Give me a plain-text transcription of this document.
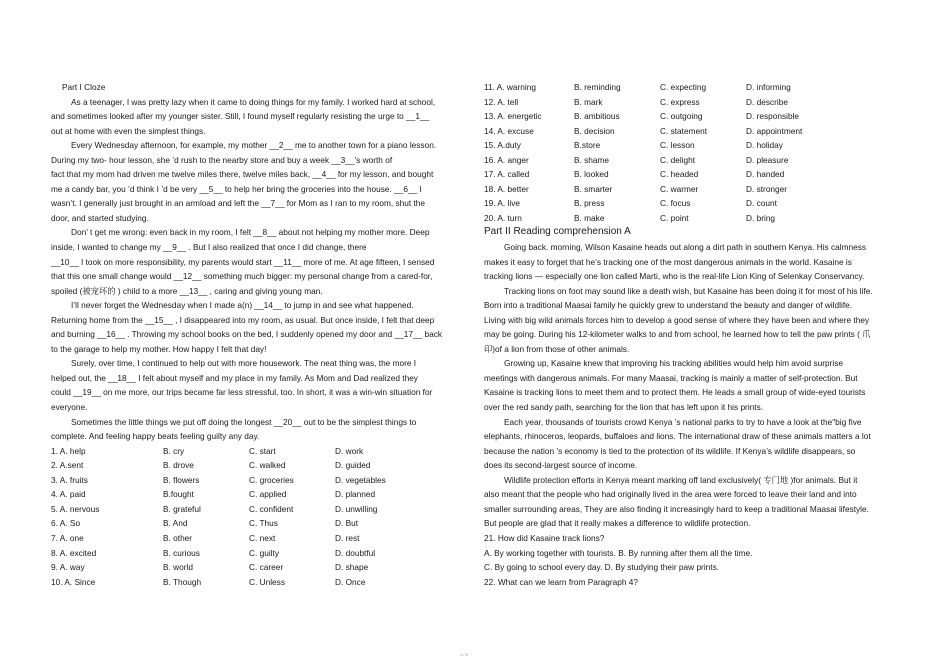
Part I Cloze
As a teenager, I was pretty lazy when it came to doing things for my family. I worked hard at school,
and sometimes looked after my younger sister. Still, I found myself regularly resisting the urge to __1__
out at home with even the simplest things.
Every Wednesday afternoon, for example, my mother __2__ me to another town for a piano lesson.
During my two- hour lesson, she ’d rush to the nearby store and buy a week __3__’s worth of
fact that my mom had driven me twelve miles there, twelve miles back, __4__ for my lesson, and bought
me a candy bar, you ’d think I ’d be very __5__ to help her bring the groceries into the house. __6__ I
wasn’t. I generally just brought in an armload and left the __7__ for Mom as I ran to my room, shut the
door, and started studying.
Don’ t get me wrong: even back in my room, I felt __8__ about not helping my mother more. Deep
inside, I wanted to change my __9__ . But I also realized that once I did change, there
__10__ I took on more responsibility, my parents would start __11__ more of me. At age fifteen, I sensed
that this one small change would __12__ something much bigger: my personal change from a cared-for,
spoiled (被宠坏的 ) child to a more __13__ , caring and giving young man.
I’ll never forget the Wednesday when I made a(n) __14__ to jump in and see what happened.
Returning home from the __15__ , I disappeared into my room, as usual. But once inside, I felt that deep
and burning __16__ . Throwing my school books on the bed, I suddenly opened my door and __17__ back
to the garage to help my mother. How happy I felt that day!
Surely, over time, I continued to help out with more housework. The neat thing was, the more I
helped out, the __18__ I felt about myself and my place in my family. As Mom and Dad realized they
could __19__ on me more, our trips became far less stressful, too. In short, it was a win-win situation for
everyone.
Sometimes the little things we put off doing the longest __20__ out to be the simplest things to
complete. And feeling happy beats feeling guilty any day.
1. A. help	B. cry	C. start	D. work
2. A.sent	B. drove	C. walked	D. guided
3. A. fruits	B. flowers	C. groceries	D. vegetables
4. A. paid	B.fought	C. applied	D. planned
5. A. nervous	B. grateful	C. confident	D. unwilling
6. A. So	B. And	C. Thus	D. But
7. A. one	B. other	C. next	D. rest
8. A. excited	B. curious	C. guilty	D. doubtful
9. A. way	B. world	C. career	D. shape
10. A. Since	B. Though	C. Unless	D. Once
11. A. warning	B. reminding	C. expecting	D. informing
12. A. tell	B. mark	C. express	D. describe
13. A. energetic	B. ambitious	C. outgoing	D. responsible
14. A. excuse	B. decision	C. statement	D. appointment
15. A.duty	B.store	C. lesson	D. holiday
16. A. anger	B. shame	C. delight	D. pleasure
17. A. called	B. looked	C. headed	D. handed
18. A. better	B. smarter	C. warmer	D. stronger
19. A. live	B. press	C. focus	D. count
20. A. turn	B. make	C. point	D. bring
Part II Reading comprehension A
Going back. morning, Wilson Kasaine heads out along a dirt path in southern Kenya. His calmness
makes it easy to forget that he’s tracking one of the most dangerous animals in the world. Kasaine is
tracking lions — especially one lion called Marti, who is the real-life Lion King of Selenkay Conservancy.
Tracking lions on foot may sound like a death wish, but Kasaine has been doing it for most of his life.
Born into a traditional Maasai family he quickly grew to understand the beauty and danger of wildlife.
Living with big wild animals forces him to develop a good sense of where they have been and where they
may be going. During his 12-kilometer walks to and from school, he learned how to tell the paw prints ( 爪
印)of a lion from those of other animals.
Growing up, Kasaine knew that improving his tracking abilities would help him avoid surprise
meetings with dangerous animals. For many Maasai, tracking is mainly a matter of self-protection. But
Kasaine is tracking lions to meet them and to protect them. He leads a small group of wide-eyed tourists
over the red sandy path, searching for the lion that has left upon it his prints.
Each year, thousands of tourists crowd Kenya ’s national parks to try to have a look at the"big five
elephants, rhinoceros, leopards, buffaloes and lions. The international draw of these animals matters a lot
because the nation ’s economy is tied to the protection of its wildlife. If Kenya’s wildlife disappears, so
does its second-largest source of income.
Wildlife protection efforts in Kenya meant marking off land exclusively( 专门地 )for animals. But it
also meant that the people who had originally lived in the area were forced to leave their land and into
smaller surrounding areas, They are also finding it increasingly hard to keep a traditional Maasai lifestyle.
But people are glad that it really makes a difference to wildlife protection.
21. How did Kasaine track lions?
A. By working together with tourists. B. By running after them all the time.
C. By going to school every day. D. By studying their paw prints.
22. What can we learn from Paragraph 4?
1 / 5
